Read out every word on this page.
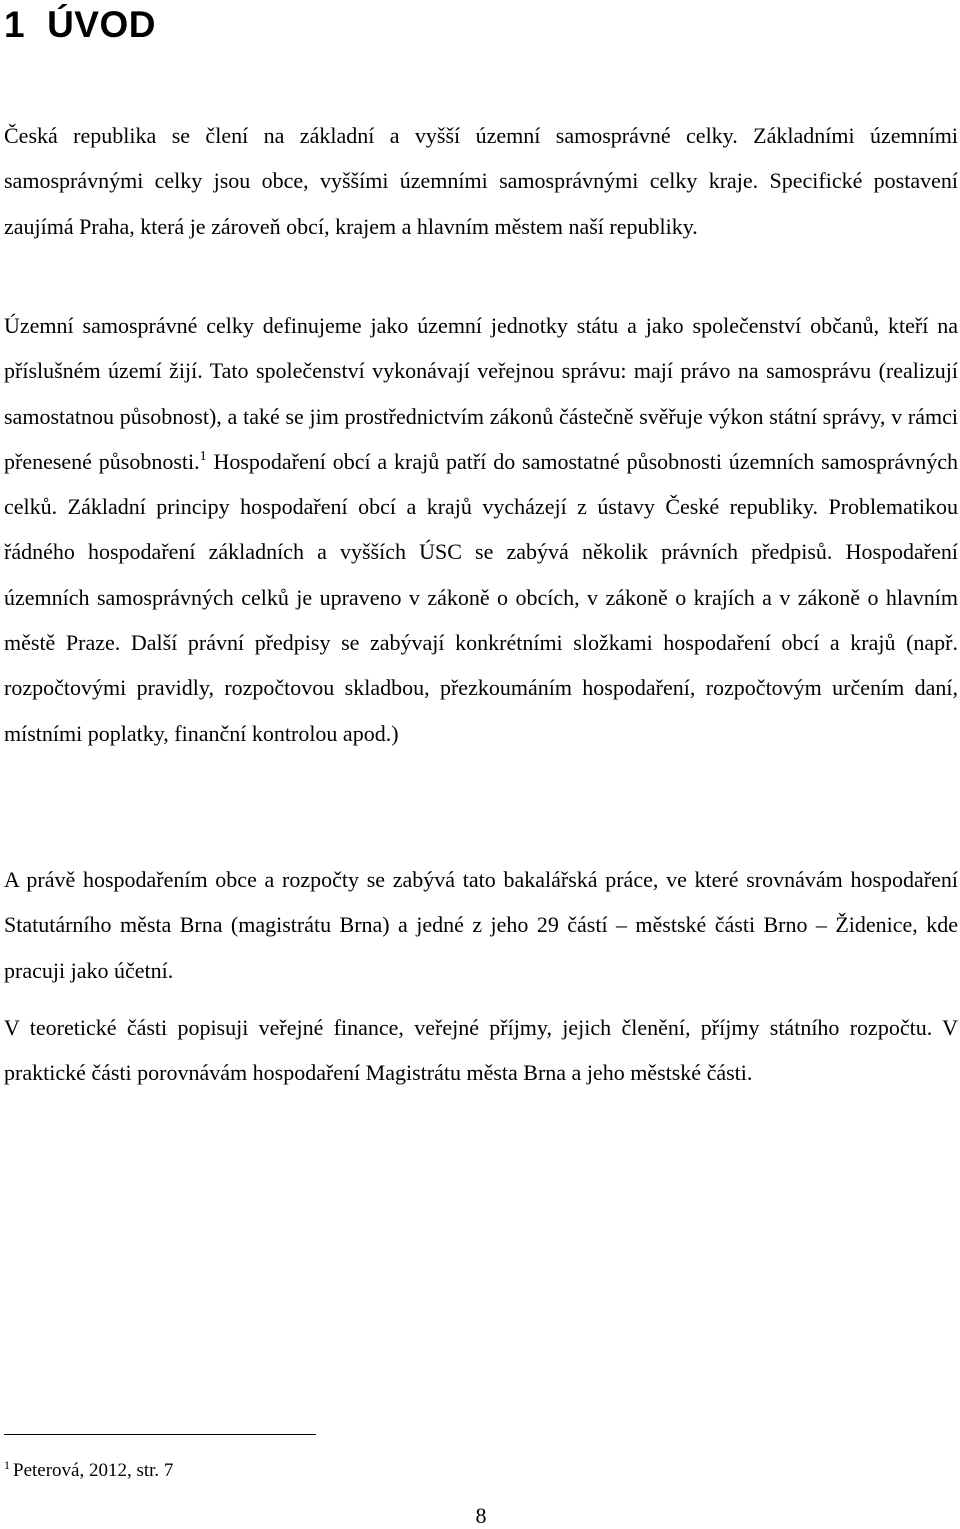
1 ÚVOD

Česká republika se člení na základní a vyšší územní samosprávné celky. Základními územními samosprávnými celky jsou obce, vyššími územními samosprávnými celky kraje. Specifické postavení zaujímá Praha, která je zároveň obcí, krajem a hlavním městem naší republiky.

Územní samosprávné celky definujeme jako územní jednotky státu a jako společenství občanů, kteří na příslušném území žijí. Tato společenství vykonávají veřejnou správu: mají právo na samosprávu (realizují samostatnou působnost), a také se jim prostřednictvím zákonů částečně svěřuje výkon státní správy, v rámci přenesené působnosti.$^1$ Hospodaření obcí a krajů patří do samostatné působnosti územních samosprávných celků. Základní principy hospodaření obcí a krajů vycházejí z ústavy České republiky. Problematikou řádného hospodaření základních a vyšších ÚSC se zabývá několik právních předpisů. Hospodaření územních samosprávných celků je upraveno v zákoně o obcích, v zákoně o krajích a v zákoně o hlavním městě Praze. Další právní předpisy se zabývají konkrétními složkami hospodaření obcí a krajů (např. rozpočtovými pravidly, rozpočtovou skladbou, přezkoumáním hospodaření, rozpočtovým určením daní, místními poplatky, finanční kontrolou apod.)

A právě hospodařením obce a rozpočty se zabývá tato bakalářská práce, ve které srovnávám hospodaření Statutárního města Brna (magistrátu Brna) a jedné z jeho 29 částí – městské části Brno – Židenice, kde pracuji jako účetní.

V teoretické části popisuji veřejné finance, veřejné příjmy, jejich členění, příjmy státního rozpočtu. V praktické části porovnávám hospodaření Magistrátu města Brna a jeho městské části.

$^1$ Peterová, 2012, str. 7

8
